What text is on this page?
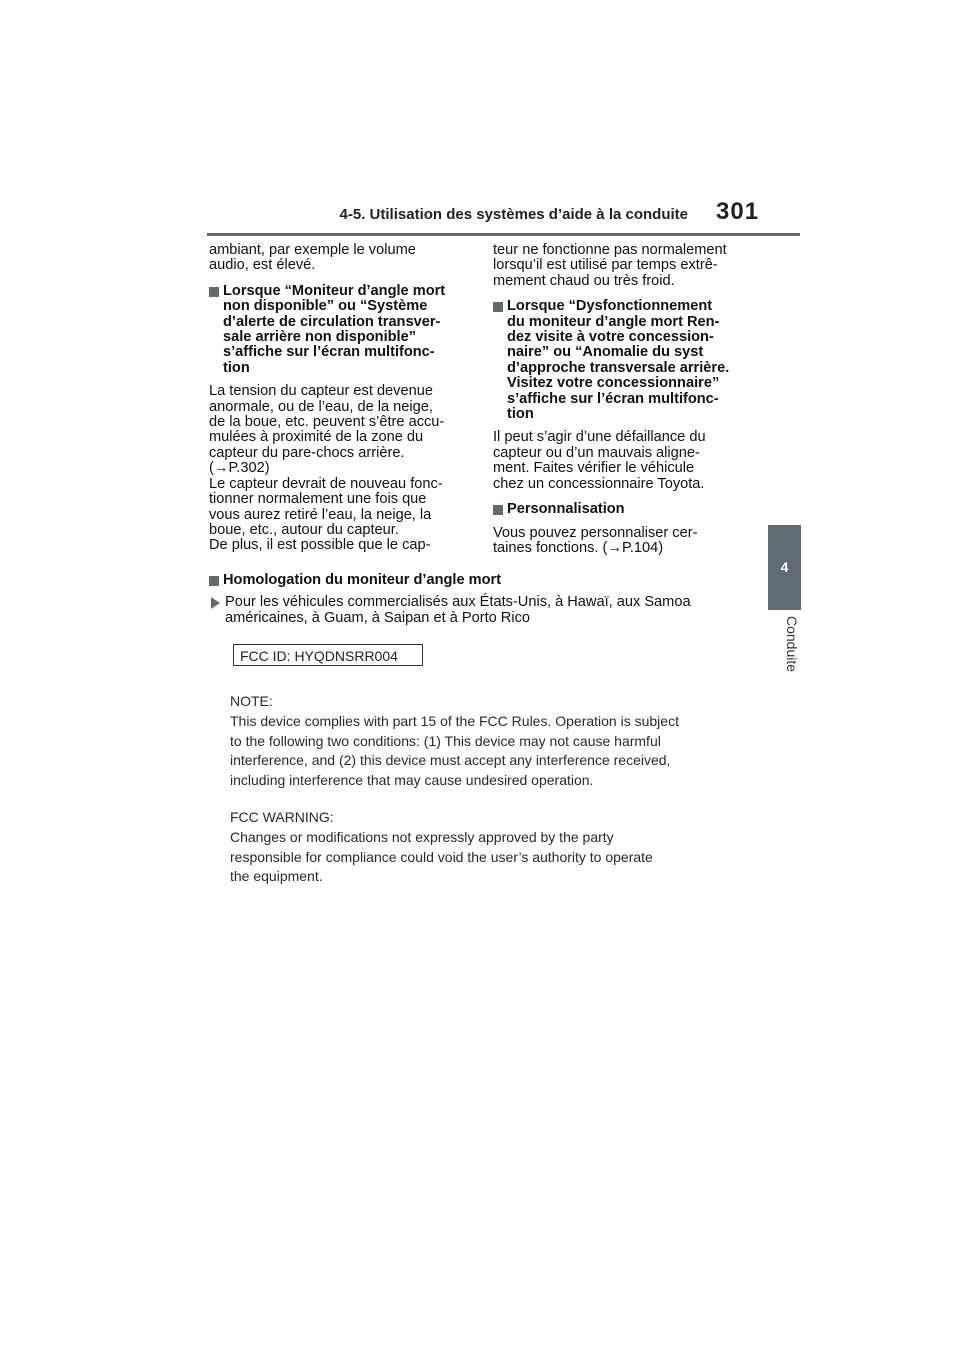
4-5. Utilisation des systèmes d’aide à la conduite 301
4
Conduite

ambiant, par exemple le volume
audio, est élevé.

Lorsque “Moniteur d’angle mort
non disponible” ou “Système
d’alerte de circulation transver-
sale arrière non disponible”
s’affiche sur l’écran multifonc-
tion

La tension du capteur est devenue
anormale, ou de l’eau, de la neige,
de la boue, etc. peuvent s’être accu-
mulées à proximité de la zone du
capteur du pare-chocs arrière.
(→P.302)
Le capteur devrait de nouveau fonc-
tionner normalement une fois que
vous aurez retiré l’eau, la neige, la
boue, etc., autour du capteur.
De plus, il est possible que le cap-

teur ne fonctionne pas normalement
lorsqu’il est utilisé par temps extrê-
mement chaud ou très froid.

Lorsque “Dysfonctionnement
du moniteur d’angle mort Ren-
dez visite à votre concession-
naire” ou “Anomalie du syst
d’approche transversale arrière.
Visitez votre concessionnaire”
s’affiche sur l’écran multifonc-
tion

Il peut s’agir d’une défaillance du
capteur ou d’un mauvais aligne-
ment. Faites vérifier le véhicule
chez un concessionnaire Toyota.

Personnalisation

Vous pouvez personnaliser cer-
taines fonctions. (→P.104)

Homologation du moniteur d’angle mort
Pour les véhicules commercialisés aux États-Unis, à Hawaï, aux Samoa
américaines, à Guam, à Saipan et à Porto Rico
FCC ID: HYQDNSRR004
NOTE:
This device complies with part 15 of the FCC Rules. Operation is subject
to the following two conditions: (1) This device may not cause harmful
interference, and (2) this device must accept any interference received,
including interference that may cause undesired operation.
FCC WARNING:
Changes or modifications not expressly approved by the party
responsible for compliance could void the user’s authority to operate
the equipment.
